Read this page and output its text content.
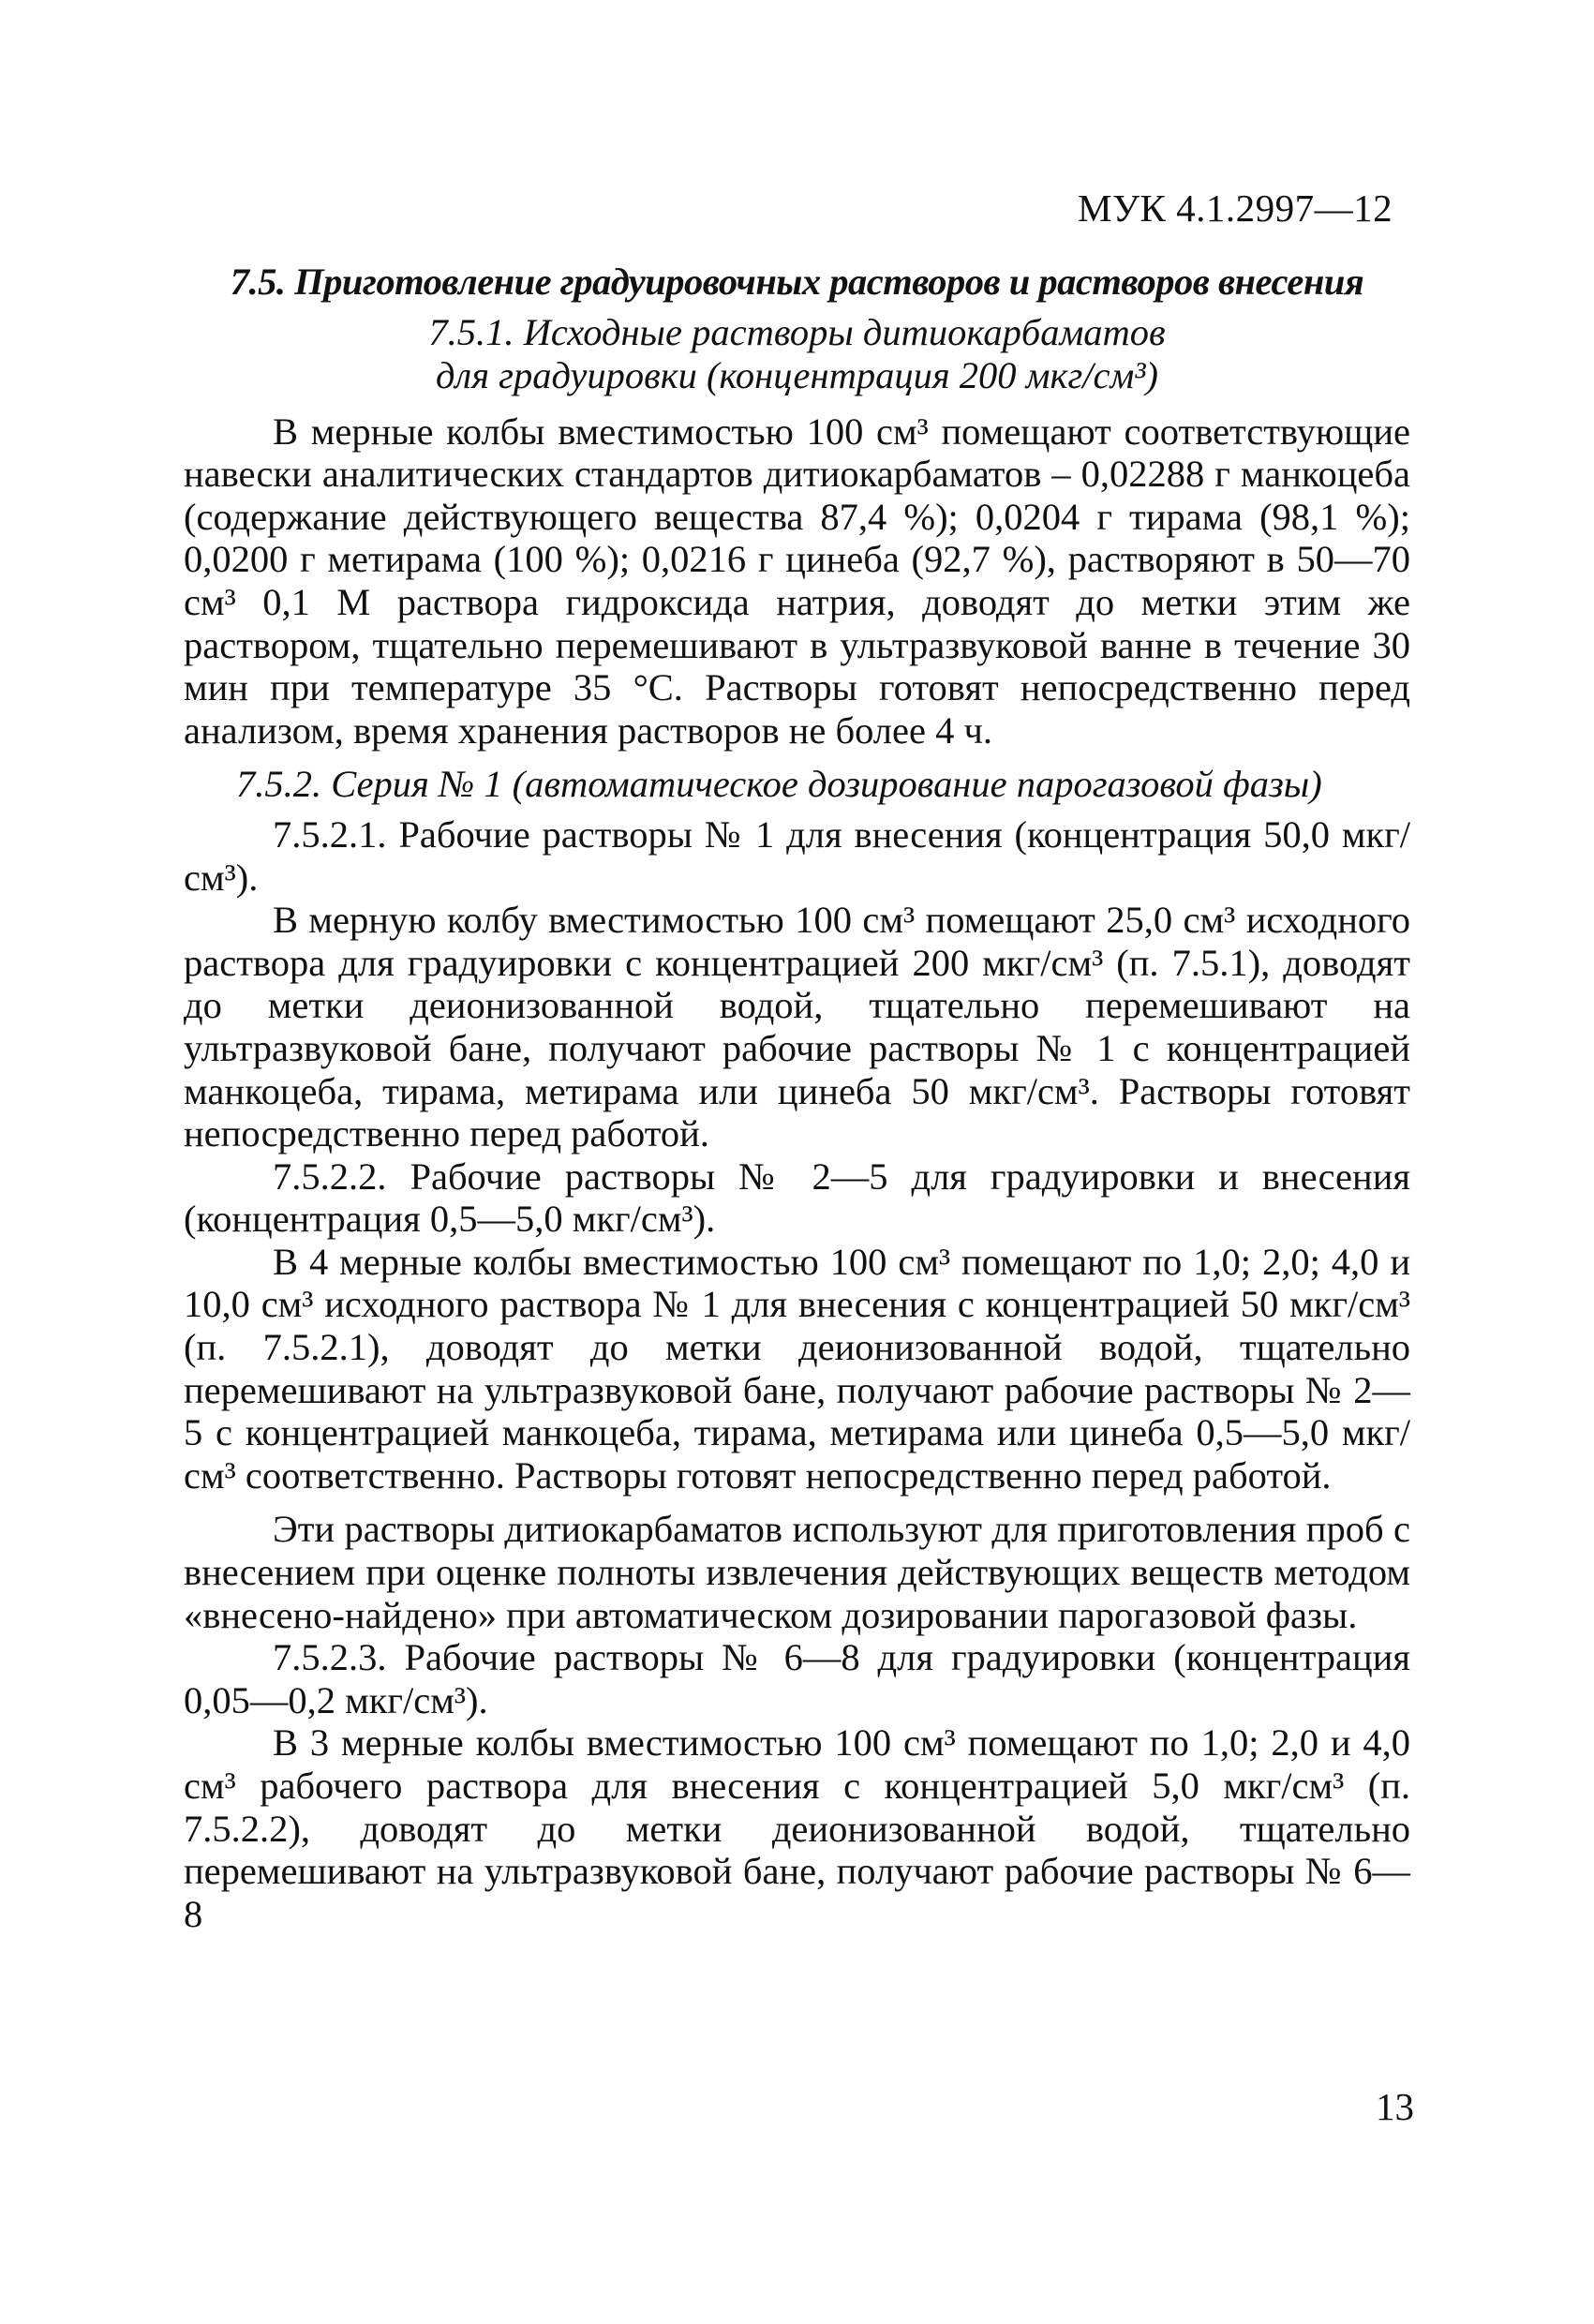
МУК 4.1.2997—12
7.5. Приготовление градуировочных растворов и растворов внесения
7.5.1. Исходные растворы дитиокарбаматов
для градуировки (концентрация 200 мкг/см³)

В мерные колбы вместимостью 100 см³ помещают соответствующие навески аналитических стандартов дитиокарбаматов – 0,02288 г манкоцеба (содержание действующего вещества 87,4 %); 0,0204 г тирама (98,1 %); 0,0200 г метирама (100 %); 0,0216 г цинеба (92,7 %), растворяют в 50—70 см³ 0,1 М раствора гидроксида натрия, доводят до метки этим же раствором, тщательно перемешивают в ультразвуковой ванне в течение 30 мин при температуре 35 °С. Растворы готовят непосредственно перед анализом, время хранения растворов не более 4 ч.

7.5.2. Серия № 1 (автоматическое дозирование парогазовой фазы)

7.5.2.1. Рабочие растворы № 1 для внесения (концентрация 50,0 мкг/см³).

В мерную колбу вместимостью 100 см³ помещают 25,0 см³ исходного раствора для градуировки с концентрацией 200 мкг/см³ (п. 7.5.1), доводят до метки деионизованной водой, тщательно перемешивают на ультразвуковой бане, получают рабочие растворы № 1 с концентрацией манкоцеба, тирама, метирама или цинеба 50 мкг/см³. Растворы готовят непосредственно перед работой.

7.5.2.2. Рабочие растворы № 2—5 для градуировки и внесения (концентрация 0,5—5,0 мкг/см³).

В 4 мерные колбы вместимостью 100 см³ помещают по 1,0; 2,0; 4,0 и 10,0 см³ исходного раствора № 1 для внесения с концентрацией 50 мкг/см³ (п. 7.5.2.1), доводят до метки деионизованной водой, тщательно перемешивают на ультразвуковой бане, получают рабочие растворы № 2—5 с концентрацией манкоцеба, тирама, метирама или цинеба 0,5—5,0 мкг/см³ соответственно. Растворы готовят непосредственно перед работой.

Эти растворы дитиокарбаматов используют для приготовления проб с внесением при оценке полноты извлечения действующих веществ методом «внесено-найдено» при автоматическом дозировании парогазовой фазы.

7.5.2.3. Рабочие растворы № 6—8 для градуировки (концентрация 0,05—0,2 мкг/см³).

В 3 мерные колбы вместимостью 100 см³ помещают по 1,0; 2,0 и 4,0 см³ рабочего раствора для внесения с концентрацией 5,0 мкг/см³ (п. 7.5.2.2), доводят до метки деионизованной водой, тщательно перемешивают на ультразвуковой бане, получают рабочие растворы № 6—8

13
